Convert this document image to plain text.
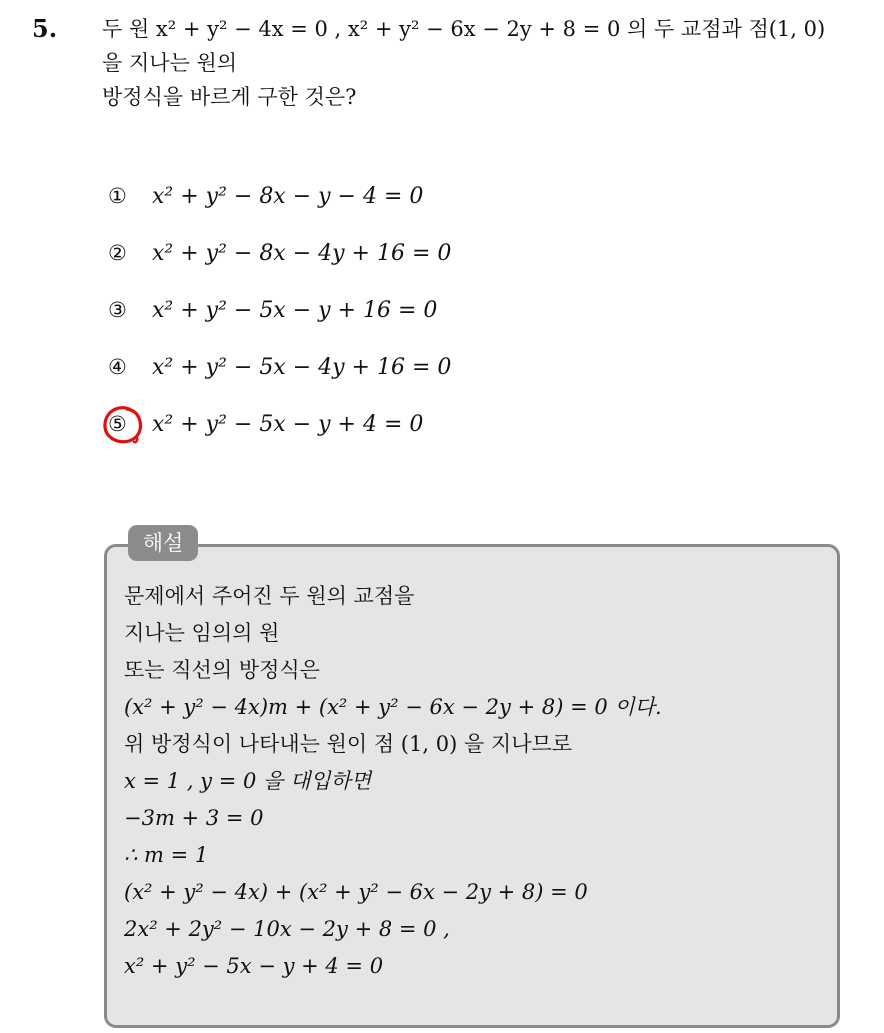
5. 두 원 x² + y² − 4x = 0 , x² + y² − 6x − 2y + 8 = 0 의 두 교점과 점(1, 0)
을 지나는 원의
방정식을 바르게 구한 것은?
① x² + y² − 8x − y − 4 = 0
② x² + y² − 8x − 4y + 16 = 0
③ x² + y² − 5x − y + 16 = 0
④ x² + y² − 5x − 4y + 16 = 0
⑤ x² + y² − 5x − y + 4 = 0
해설
문제에서 주어진 두 원의 교점을
지나는 임의의 원
또는 직선의 방정식은
(x² + y² − 4x)m + (x² + y² − 6x − 2y + 8) = 0 이다.
위 방정식이 나타내는 원이 점 (1, 0) 을 지나므로
x = 1 , y = 0 을 대입하면
−3m + 3 = 0
∴ m = 1
(x² + y² − 4x) + (x² + y² − 6x − 2y + 8) = 0
2x² + 2y² − 10x − 2y + 8 = 0 ,
x² + y² − 5x − y + 4 = 0
